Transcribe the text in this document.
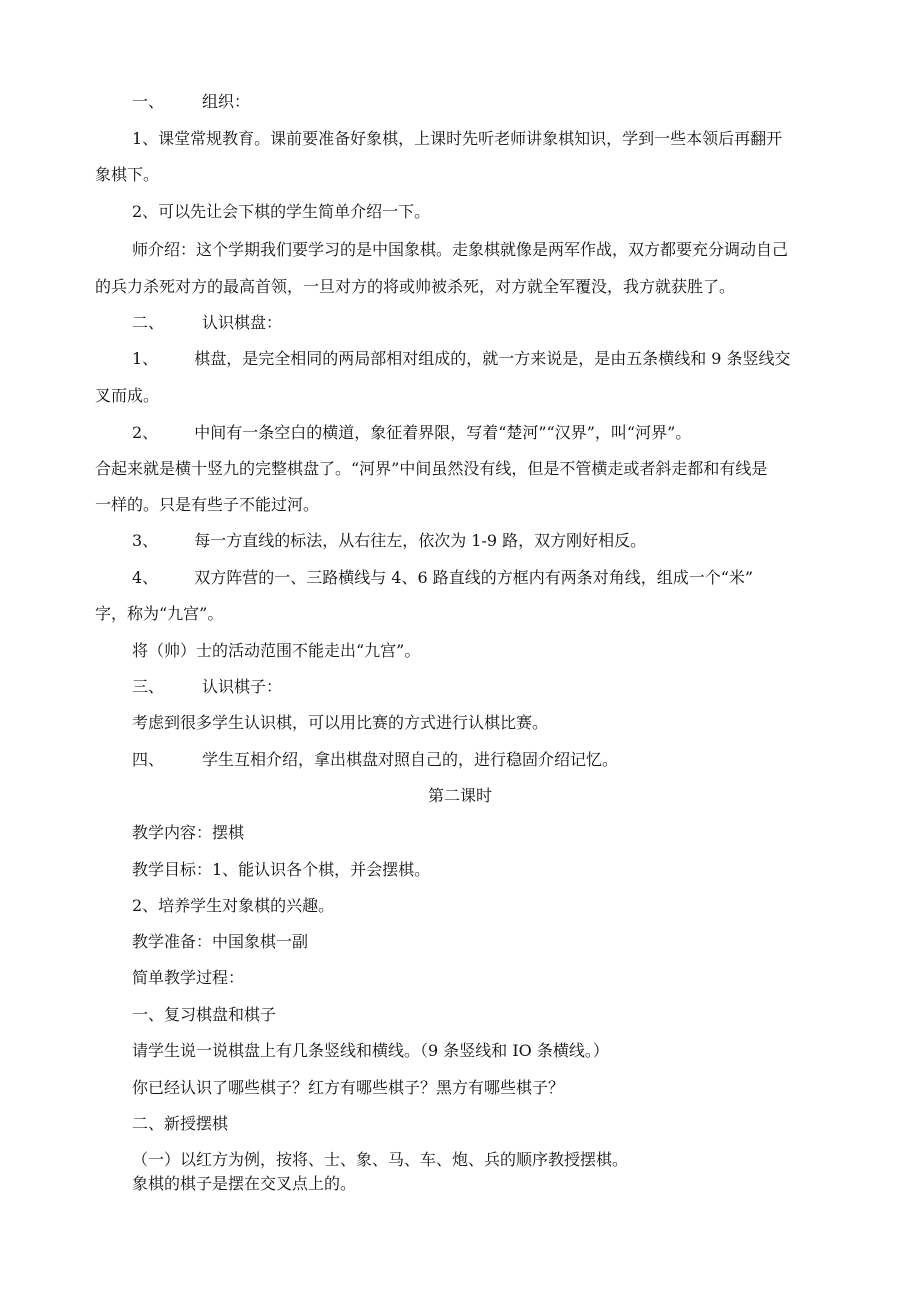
一、 组织：
1、课堂常规教育。课前要准备好象棋，上课时先听老师讲象棋知识，学到一些本领后再翻开
象棋下。
2、可以先让会下棋的学生简单介绍一下。
师介绍：这个学期我们要学习的是中国象棋。走象棋就像是两军作战，双方都要充分调动自己
的兵力杀死对方的最高首领，一旦对方的将或帅被杀死，对方就全军覆没，我方就获胜了。
二、 认识棋盘：
1、 棋盘，是完全相同的两局部相对组成的，就一方来说是，是由五条横线和 9 条竖线交
叉而成。
2、 中间有一条空白的横道，象征着界限，写着“楚河”“汉界”，叫“河界”。
合起来就是横十竖九的完整棋盘了。“河界”中间虽然没有线，但是不管横走或者斜走都和有线是
一样的。只是有些子不能过河。
3、 每一方直线的标法，从右往左，依次为 1-9 路，双方刚好相反。
4、 双方阵营的一、三路横线与 4、6 路直线的方框内有两条对角线，组成一个“米”
字，称为“九宫”。
将（帅）士的活动范围不能走出“九宫”。
三、 认识棋子：
考虑到很多学生认识棋，可以用比赛的方式进行认棋比赛。
四、 学生互相介绍，拿出棋盘对照自己的，进行稳固介绍记忆。
第二课时
教学内容：摆棋
教学目标：1、能认识各个棋，并会摆棋。
2、培养学生对象棋的兴趣。
教学准备：中国象棋一副
简单教学过程：
一、复习棋盘和棋子
请学生说一说棋盘上有几条竖线和横线。（9 条竖线和 IO 条横线。）
你已经认识了哪些棋子？红方有哪些棋子？黑方有哪些棋子？
二、新授摆棋
（一）以红方为例，按将、士、象、马、车、炮、兵的顺序教授摆棋。
象棋的棋子是摆在交叉点上的。
